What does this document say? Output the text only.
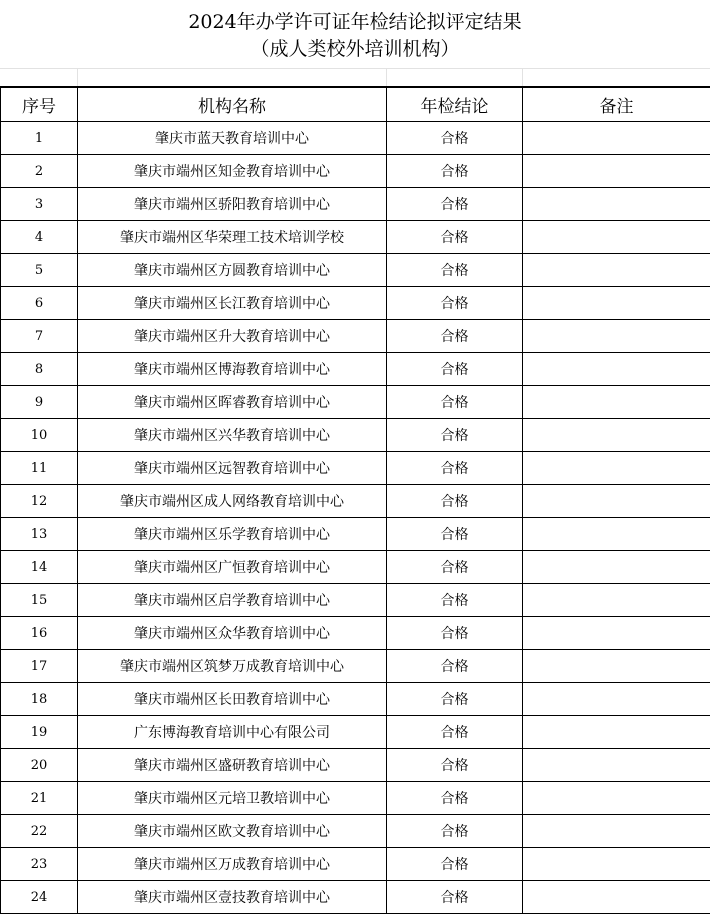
2024年办学许可证年检结论拟评定结果
（成人类校外培训机构）
序号	机构名称	年检结论	备注
1	肇庆市蓝天教育培训中心	合格	
2	肇庆市端州区知金教育培训中心	合格	
3	肇庆市端州区骄阳教育培训中心	合格	
4	肇庆市端州区华荣理工技术培训学校	合格	
5	肇庆市端州区方圆教育培训中心	合格	
6	肇庆市端州区长江教育培训中心	合格	
7	肇庆市端州区升大教育培训中心	合格	
8	肇庆市端州区博海教育培训中心	合格	
9	肇庆市端州区晖睿教育培训中心	合格	
10	肇庆市端州区兴华教育培训中心	合格	
11	肇庆市端州区远智教育培训中心	合格	
12	肇庆市端州区成人网络教育培训中心	合格	
13	肇庆市端州区乐学教育培训中心	合格	
14	肇庆市端州区广恒教育培训中心	合格	
15	肇庆市端州区启学教育培训中心	合格	
16	肇庆市端州区众华教育培训中心	合格	
17	肇庆市端州区筑梦万成教育培训中心	合格	
18	肇庆市端州区长田教育培训中心	合格	
19	广东博海教育培训中心有限公司	合格	
20	肇庆市端州区盛研教育培训中心	合格	
21	肇庆市端州区元培卫教培训中心	合格	
22	肇庆市端州区欧文教育培训中心	合格	
23	肇庆市端州区万成教育培训中心	合格	
24	肇庆市端州区壹技教育培训中心	合格	
